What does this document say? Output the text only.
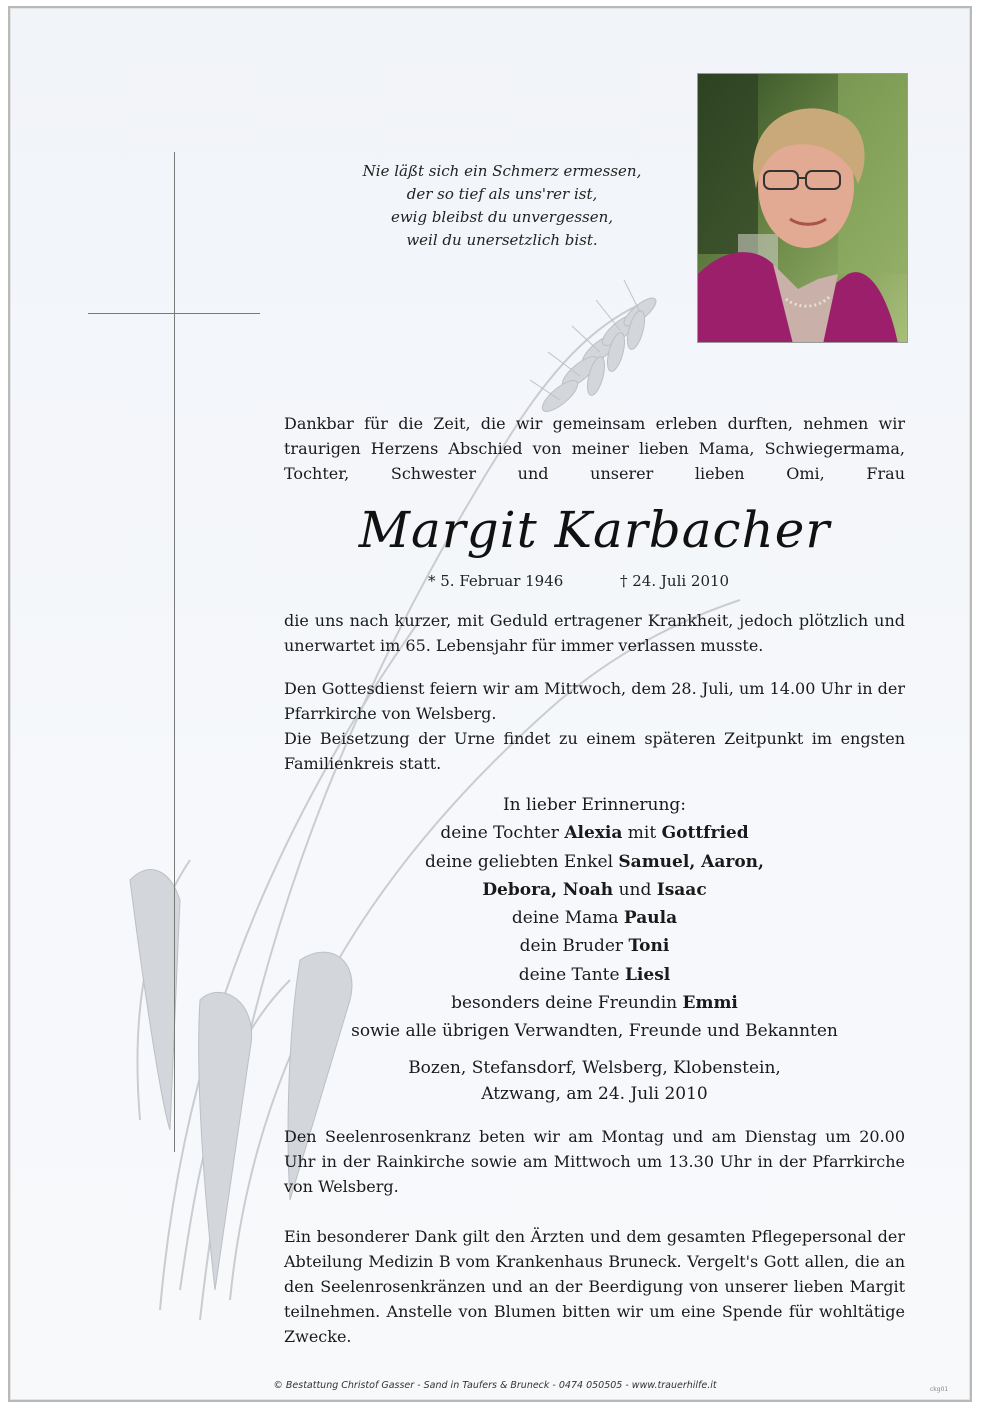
Nie läßt sich ein Schmerz ermessen,
der so tief als uns'rer ist,
ewig bleibst du unvergessen,
weil du unersetzlich bist.
Dankbar für die Zeit, die wir gemeinsam erleben durften, nehmen wir traurigen Herzens Abschied von meiner lieben Mama, Schwiegermama, Tochter, Schwester und unserer lieben Omi, Frau
Margit Karbacher
* 5. Februar 1946	† 24. Juli 2010
die uns nach kurzer, mit Geduld ertragener Krankheit, jedoch plötzlich und unerwartet im 65. Lebensjahr für immer verlassen musste.
Den Gottesdienst feiern wir am Mittwoch, dem 28. Juli, um 14.00 Uhr in der Pfarrkirche von Welsberg.
Die Beisetzung der Urne findet zu einem späteren Zeitpunkt im engsten Familienkreis statt.
In lieber Erinnerung:
deine Tochter Alexia mit Gottfried
deine geliebten Enkel Samuel, Aaron,
Debora, Noah und Isaac
deine Mama Paula
dein Bruder Toni
deine Tante Liesl
besonders deine Freundin Emmi
sowie alle übrigen Verwandten, Freunde und Bekannten
Bozen, Stefansdorf, Welsberg, Klobenstein,
Atzwang, am 24. Juli 2010
Den Seelenrosenkranz beten wir am Montag und am Dienstag um 20.00 Uhr in der Rainkirche sowie am Mittwoch um 13.30 Uhr in der Pfarrkirche von Welsberg.
Ein besonderer Dank gilt den Ärzten und dem gesamten Pflegepersonal der Abteilung Medizin B vom Krankenhaus Bruneck. Vergelt's Gott allen, die an den Seelenrosenkränzen und an der Beerdigung von unserer lieben Margit teilnehmen. Anstelle von Blumen bitten wir um eine Spende für wohltätige Zwecke.
© Bestattung Christof Gasser - Sand in Taufers & Bruneck - 0474 050505 - www.trauerhilfe.it	ckg01
